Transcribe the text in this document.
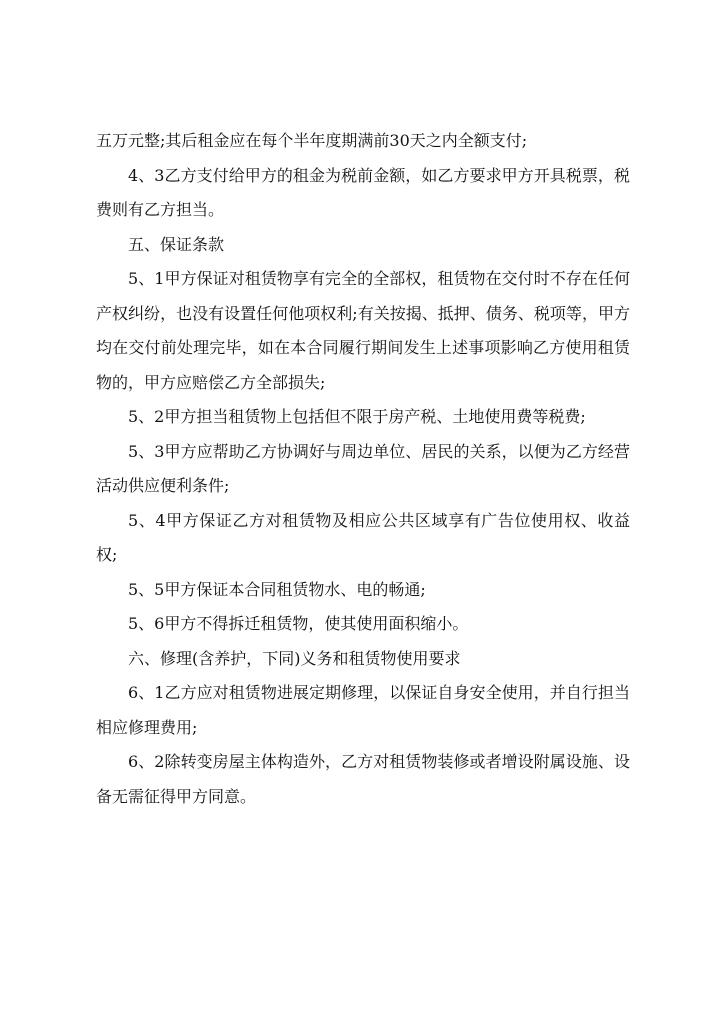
五万元整;其后租金应在每个半年度期满前30天之内全额支付;

4、3乙方支付给甲方的租金为税前金额，如乙方要求甲方开具税票，税费则有乙方担当。

五、保证条款

5、1甲方保证对租赁物享有完全的全部权，租赁物在交付时不存在任何产权纠纷，也没有设置任何他项权利;有关按揭、抵押、债务、税项等，甲方均在交付前处理完毕，如在本合同履行期间发生上述事项影响乙方使用租赁物的，甲方应赔偿乙方全部损失;

5、2甲方担当租赁物上包括但不限于房产税、土地使用费等税费;

5、3甲方应帮助乙方协调好与周边单位、居民的关系，以便为乙方经营活动供应便利条件;

5、4甲方保证乙方对租赁物及相应公共区域享有广告位使用权、收益权;

5、5甲方保证本合同租赁物水、电的畅通;

5、6甲方不得拆迁租赁物，使其使用面积缩小。

六、修理(含养护，下同)义务和租赁物使用要求

6、1乙方应对租赁物进展定期修理，以保证自身安全使用，并自行担当相应修理费用;

6、2除转变房屋主体构造外，乙方对租赁物装修或者增设附属设施、设备无需征得甲方同意。
